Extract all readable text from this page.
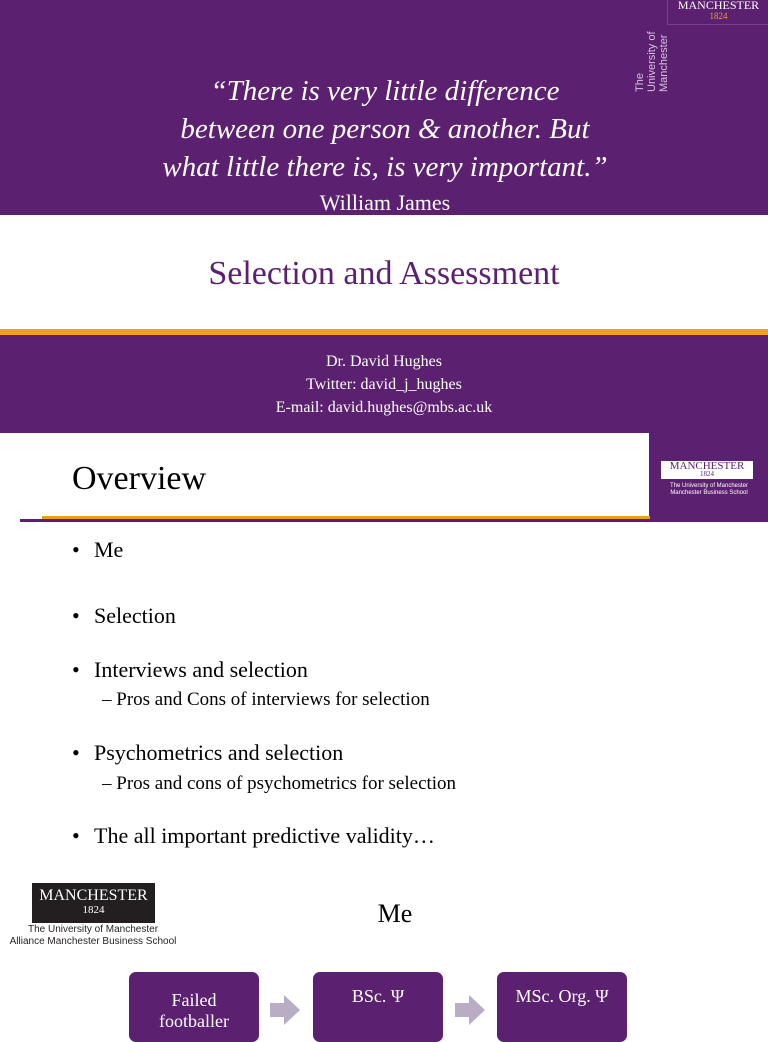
MANCHESTER
1824
The University of Manchester
“There is very little difference
between one person & another. But
what little there is, is very important.”
William James
Selection and Assessment
Dr. David Hughes
Twitter: david_j_hughes
E-mail: david.hughes@mbs.ac.uk
Overview	MANCHESTER
1824
The University of Manchester
Manchester Business School
• Me
• Selection
• Interviews and selection
– Pros and Cons of interviews for selection
• Psychometrics and selection
– Pros and cons of psychometrics for selection
• The all important predictive validity…
MANCHESTER
1824
The University of Manchester
Alliance Manchester Business School
Me
Failed footballer
BSc. Ψ	MSc. Org. Ψ
